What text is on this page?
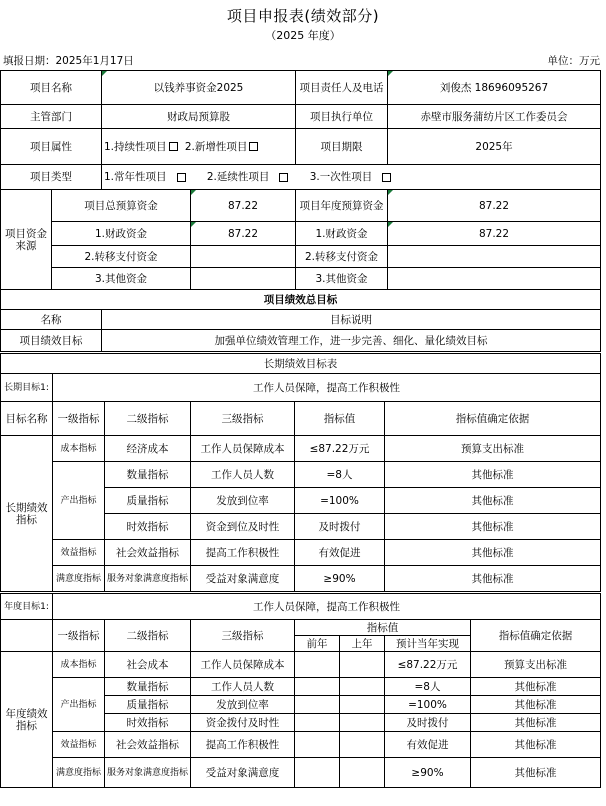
项目申报表(绩效部分)
（2025 年度）
填报日期：2025年1月17日	单位：万元
项目名称	以钱养事资金2025	项目责任人及电话	刘俊杰 18696095267
主管部门	财政局预算股	项目执行单位	赤壁市服务蒲纺片区工作委员会
项目属性	1.持续性项目 2.新增性项目	项目期限	2025年
项目类型	1.常年性项目 2.延续性项目 3.一次性项目		
项目资金来源	项目总预算资金	87.22	项目年度预算资金	87.22
	1.财政资金	87.22	1.财政资金	87.22
	2.转移支付资金		2.转移支付资金	
	3.其他资金		3.其他资金	
项目绩效总目标	
名称	目标说明
项目绩效目标	加强单位绩效管理工作，进一步完善、细化、量化绩效目标
长期绩效目标表					
长期目标1:	工作人员保障，提高工作积极性				
目标名称	一级指标	二级指标	三级指标	指标值	指标值确定依据
长期绩效指标	成本指标	经济成本	工作人员保障成本	≤87.22万元	预算支出标准
	产出指标	数量指标	工作人员人数	=8人	其他标准
		质量指标	发放到位率	=100%	其他标准
		时效指标	资金到位及时性	及时拨付	其他标准
	效益指标	社会效益指标	提高工作积极性	有效促进	其他标准
	满意度指标	服务对象满意度指标	受益对象满意度	≥90%	其他标准
年度目标1:	工作人员保障，提高工作积极性						
	一级指标	二级指标	三级指标	指标值			指标值确定依据
				前年	上年	预计当年实现	
年度绩效指标	成本指标	社会成本	工作人员保障成本			≤87.22万元	预算支出标准
	产出指标	数量指标	工作人员人数			=8人	其他标准
		质量指标	发放到位率			=100%	其他标准
		时效指标	资金拨付及时性			及时拨付	其他标准
	效益指标	社会效益指标	提高工作积极性			有效促进	其他标准
	满意度指标	服务对象满意度指标	受益对象满意度			≥90%	其他标准
